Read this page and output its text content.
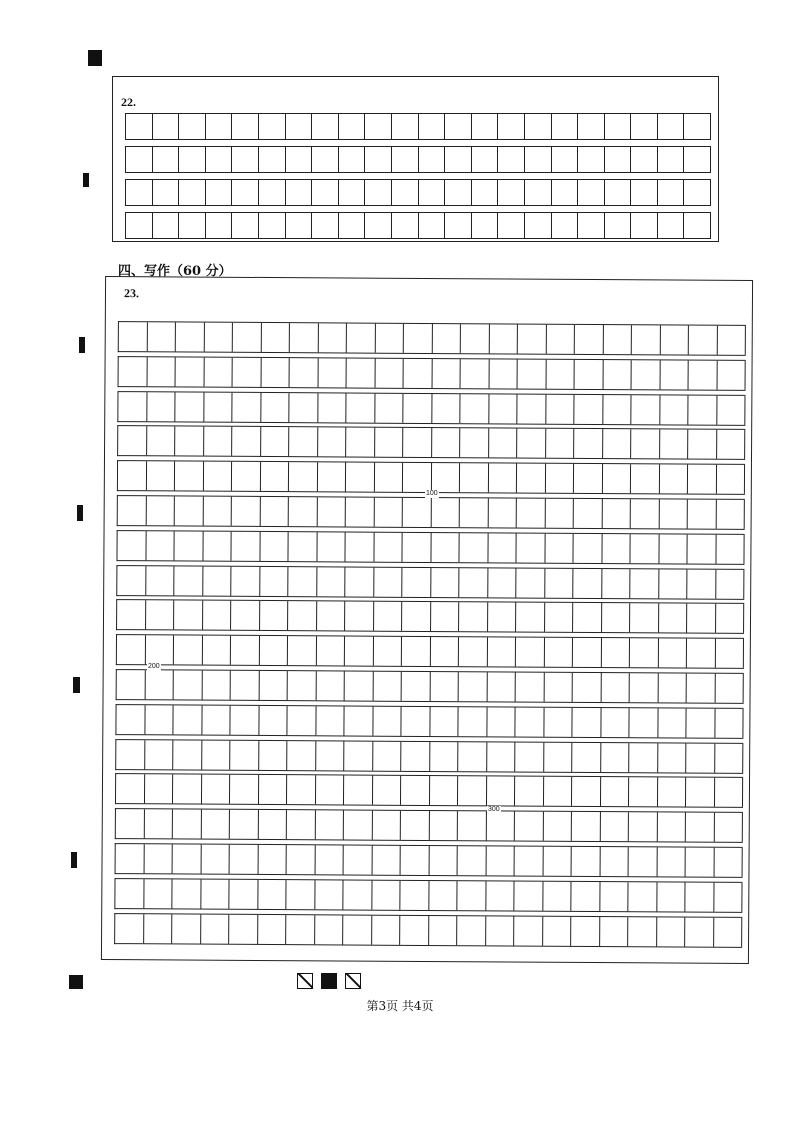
22.
四、写作（60 分）
23.
100
200
300
第3页 共4页
